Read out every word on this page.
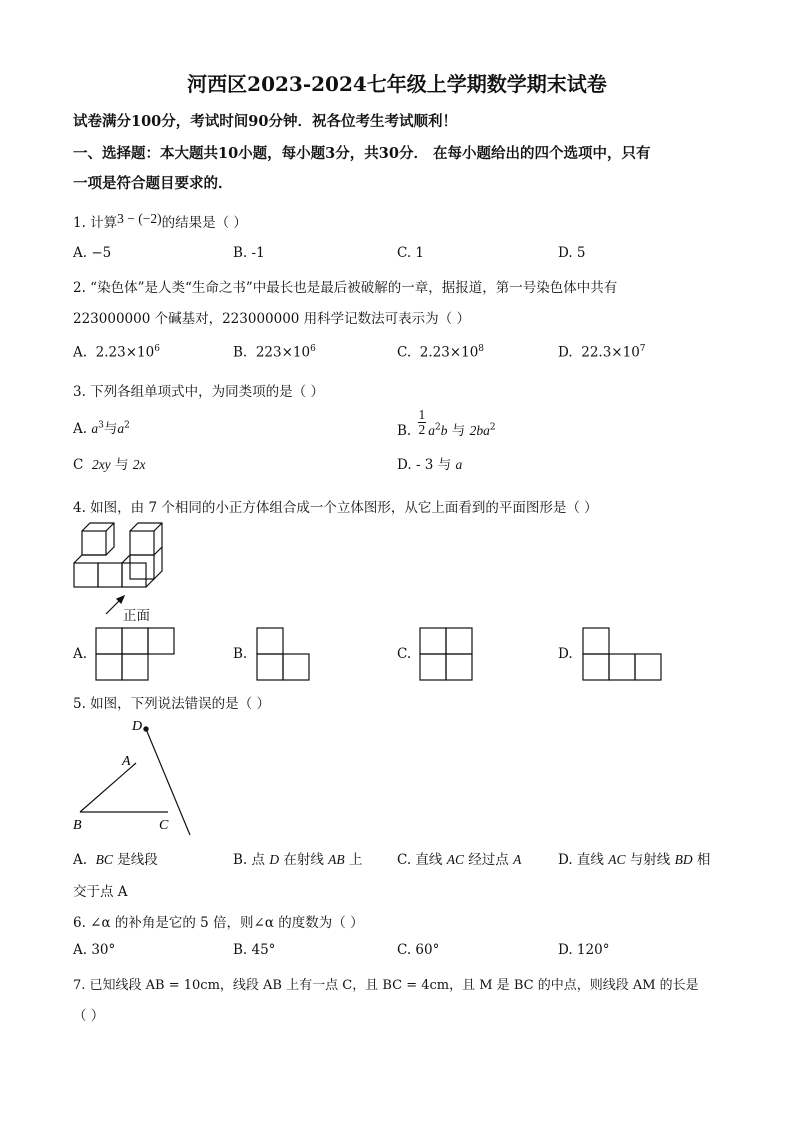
河西区2023-2024七年级上学期数学期末试卷
试卷满分100分，考试时间90分钟．祝各位考生考试顺利！
一、选择题：本大题共10小题，每小题3分，共30分． 在每小题给出的四个选项中，只有
一项是符合题目要求的．
1. 计算3 − (−2)的结果是（ ）
A. −5	B. -1	C. 1	D. 5
2. “染色体”是人类“生命之书”中最长也是最后被破解的一章，据报道，第一号染色体中共有
223000000 个碱基对，223000000 用科学记数法可表示为（ ）
A. $2.23\times 10^6$	B. $223\times 10^6$	C. $2.23\times 10^8$	D. $22.3\times 10^7$
3. 下列各组单项式中，为同类项的是（ ）
A. $a^3$与$a^2$	B. $\frac{1}{2} a^2b$ 与 $2ba^2$
C 2xy 与 2x	D. - 3 与 a
4. 如图，由 7 个相同的小正方体组合成一个立体图形，从它上面看到的平面图形是（ ）
正面
A.	B.	C.	D.
5. 如图，下列说法错误的是（ ）
D
A
B	C
A. BC 是线段	B. 点 D 在射线 AB 上	C. 直线 AC 经过点 A	D. 直线 AC 与射线 BD 相
交于点 A
6. ∠α 的补角是它的 5 倍，则∠α 的度数为（ ）
A. 30°	B. 45°	C. 60°	D. 120°
7. 已知线段 AB = 10cm，线段 AB 上有一点 C，且 BC = 4cm，且 M 是 BC 的中点，则线段 AM 的长是
（ ）
